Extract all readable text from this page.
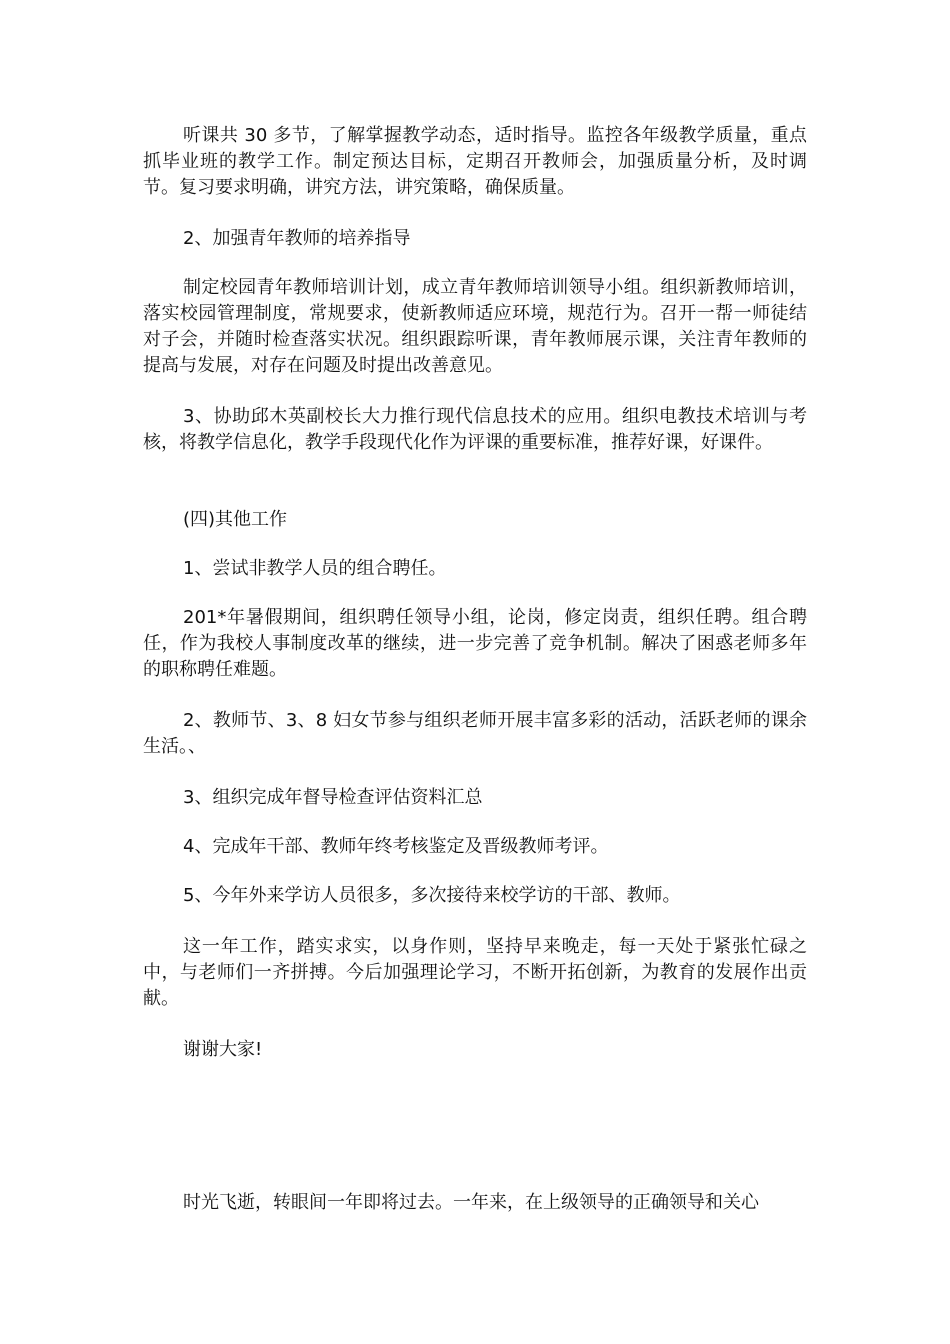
听课共 30 多节，了解掌握教学动态，适时指导。监控各年级教学质量，重点抓毕业班的教学工作。制定预达目标，定期召开教师会，加强质量分析，及时调节。复习要求明确，讲究方法，讲究策略，确保质量。

2、加强青年教师的培养指导

制定校园青年教师培训计划，成立青年教师培训领导小组。组织新教师培训，落实校园管理制度，常规要求，使新教师适应环境，规范行为。召开一帮一师徒结对子会，并随时检查落实状况。组织跟踪听课，青年教师展示课，关注青年教师的提高与发展，对存在问题及时提出改善意见。

3、协助邱木英副校长大力推行现代信息技术的应用。组织电教技术培训与考核，将教学信息化，教学手段现代化作为评课的重要标准，推荐好课，好课件。

(四)其他工作

1、尝试非教学人员的组合聘任。

201*年暑假期间，组织聘任领导小组，论岗，修定岗责，组织任聘。组合聘任，作为我校人事制度改革的继续，进一步完善了竞争机制。解决了困惑老师多年的职称聘任难题。

2、教师节、3、8 妇女节参与组织老师开展丰富多彩的活动，活跃老师的课余生活。、

3、组织完成年督导检查评估资料汇总

4、完成年干部、教师年终考核鉴定及晋级教师考评。

5、今年外来学访人员很多，多次接待来校学访的干部、教师。

这一年工作，踏实求实，以身作则，坚持早来晚走，每一天处于紧张忙碌之中，与老师们一齐拼搏。今后加强理论学习，不断开拓创新，为教育的发展作出贡献。

谢谢大家!

时光飞逝，转眼间一年即将过去。一年来，在上级领导的正确领导和关心
